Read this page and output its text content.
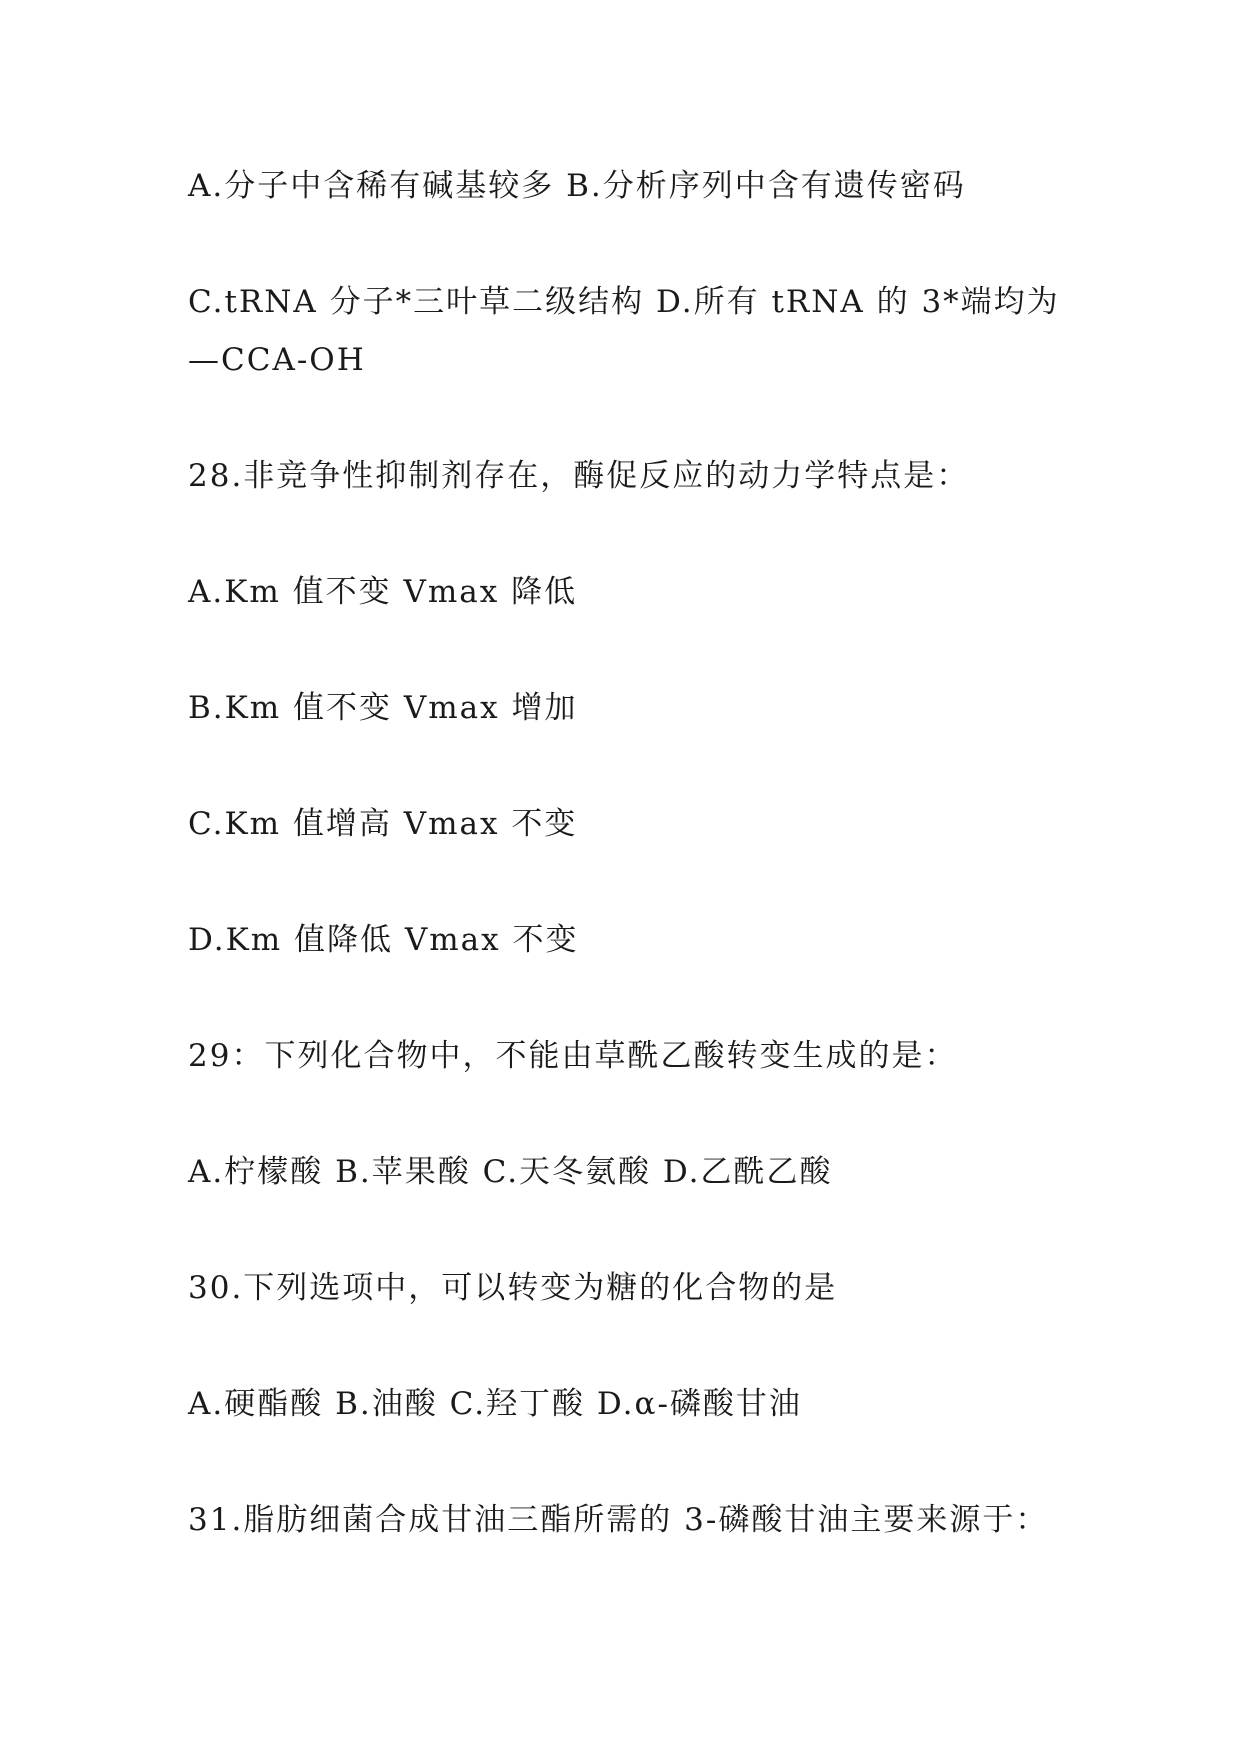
A.分子中含稀有碱基较多 B.分析序列中含有遗传密码
C.tRNA 分子*三叶草二级结构 D.所有 tRNA 的 3*端均为
—CCA-OH
28.非竞争性抑制剂存在，酶促反应的动力学特点是：
A.Km 值不变 Vmax 降低
B.Km 值不变 Vmax 增加
C.Km 值增高 Vmax 不变
D.Km 值降低 Vmax 不变
29：下列化合物中，不能由草酰乙酸转变生成的是：
A.柠檬酸 B.苹果酸 C.天冬氨酸 D.乙酰乙酸
30.下列选项中，可以转变为糖的化合物的是
A.硬酯酸 B.油酸 C.羟丁酸 D.α-磷酸甘油
31.脂肪细菌合成甘油三酯所需的 3-磷酸甘油主要来源于：
